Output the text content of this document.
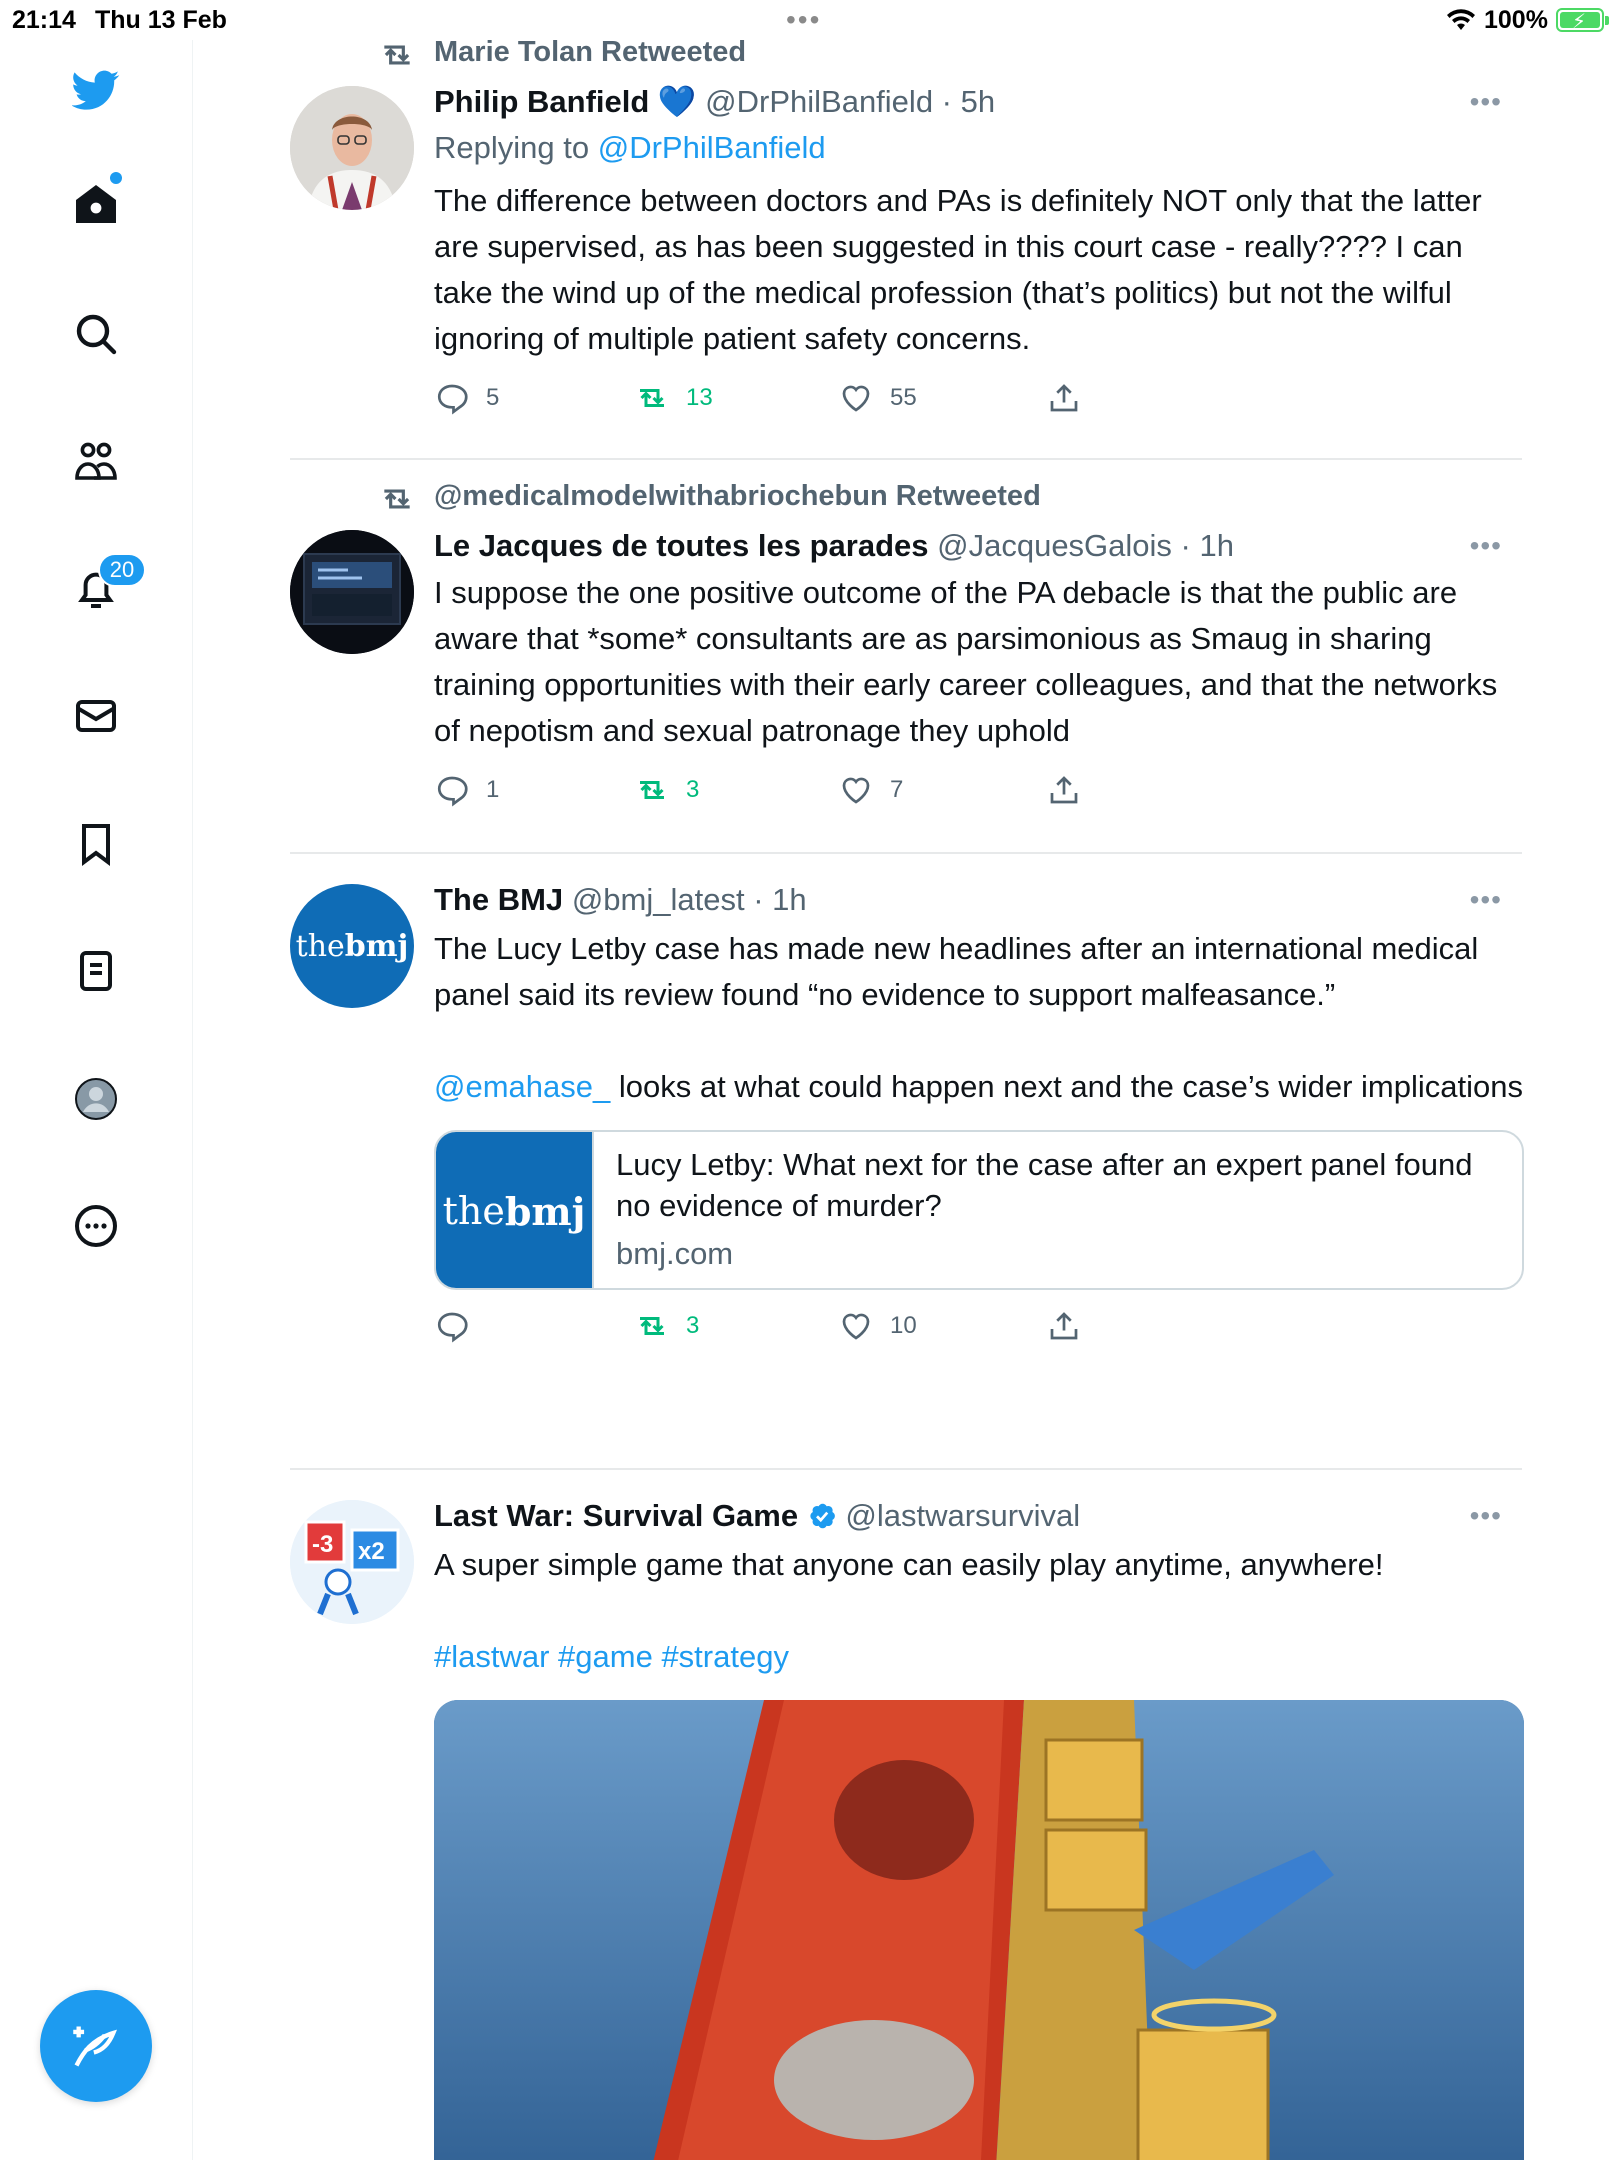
21:14 Thu 13 Feb	•••	100% ⚡
20
Marie Tolan Retweeted
Philip Banfield 💙 @DrPhilBanfield · 5h	•••
Replying to @DrPhilBanfield
The difference between doctors and PAs is definitely NOT only that the latter are supervised, as has been suggested in this court case - really???? I can take the wind up of the medical profession (that’s politics) but not the wilful ignoring of multiple patient safety concerns.
5	13	55
@medicalmodelwithabriochebun Retweeted
Le Jacques de toutes les parades @JacquesGalois · 1h	•••
I suppose the one positive outcome of the PA debacle is that the public are aware that *some* consultants are as parsimonious as Smaug in sharing training opportunities with their early career colleagues, and that the networks of nepotism and sexual patronage they uphold
1	3	7
the bmj
The BMJ @bmj_latest · 1h	•••
The Lucy Letby case has made new headlines after an international medical panel said its review found “no evidence to support malfeasance.”
@emahase_ looks at what could happen next and the case’s wider implications
the bmj
Lucy Letby: What next for the case after an expert panel found no evidence of murder?
bmj.com
3	10
-3 x2
Last War: Survival Game @lastwarsurvival	•••
A super simple game that anyone can easily play anytime, anywhere!
#lastwar #game #strategy
